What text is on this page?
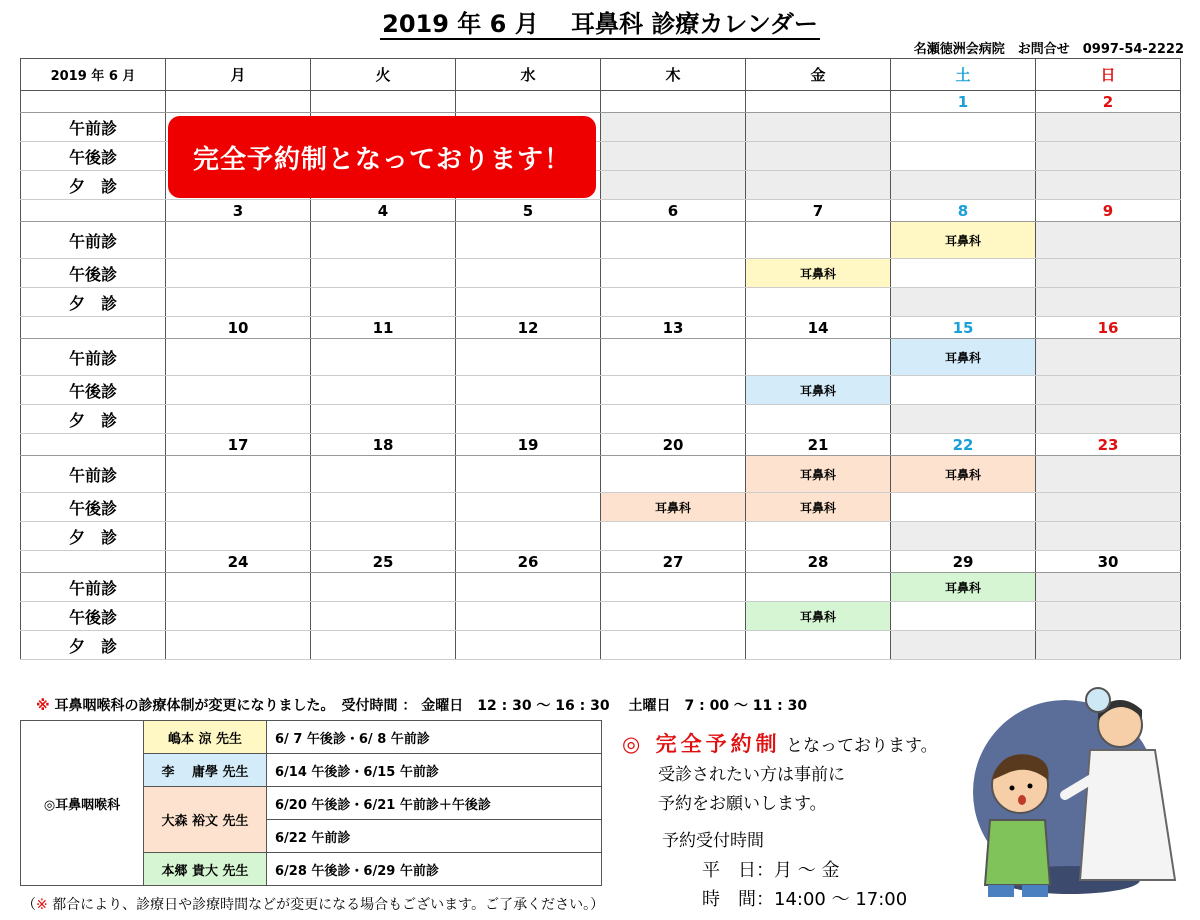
2019 年 6 月 　耳鼻科 診療カレンダー
名瀬徳洲会病院　お問合せ　0997-54-2222
2019 年 6 月	月	火	水	木	金	土	日
						1	2
午前診							
午後診							
夕　診							
	3	4	5	6	7	8	9
午前診						耳鼻科	
午後診					耳鼻科		
夕　診							
	10	11	12	13	14	15	16
午前診						耳鼻科	
午後診					耳鼻科		
夕　診							
	17	18	19	20	21	22	23
午前診					耳鼻科	耳鼻科	
午後診				耳鼻科	耳鼻科		
夕　診							
	24	25	26	27	28	29	30
午前診						耳鼻科	
午後診					耳鼻科		
夕　診							
完全予約制となっております！
※ 耳鼻咽喉科の診療体制が変更になりました。　受付時間 ： 金曜日　12 : 30 ～ 16 : 30　 土曜日　7 : 00 ～ 11 : 30
◎耳鼻咽喉科	嶋本 涼 先生	6/ 7 午後診・6/ 8 午前診
	李　 庸學 先生	6/14 午後診・6/15 午前診
	大森 裕文 先生	6/20 午後診・6/21 午前診＋午後診
		6/22 午前診
	本郷 貴大 先生	6/28 午後診・6/29 午前診
◎ 完全予約制 となっております。
受診されたい方は事前に
予約をお願いします。
予約受付時間
平　日：月 ～ 金
時　間：14:00 ～ 17:00
（※ 都合により、診療日や診療時間などが変更になる場合もございます。ご了承ください。）
